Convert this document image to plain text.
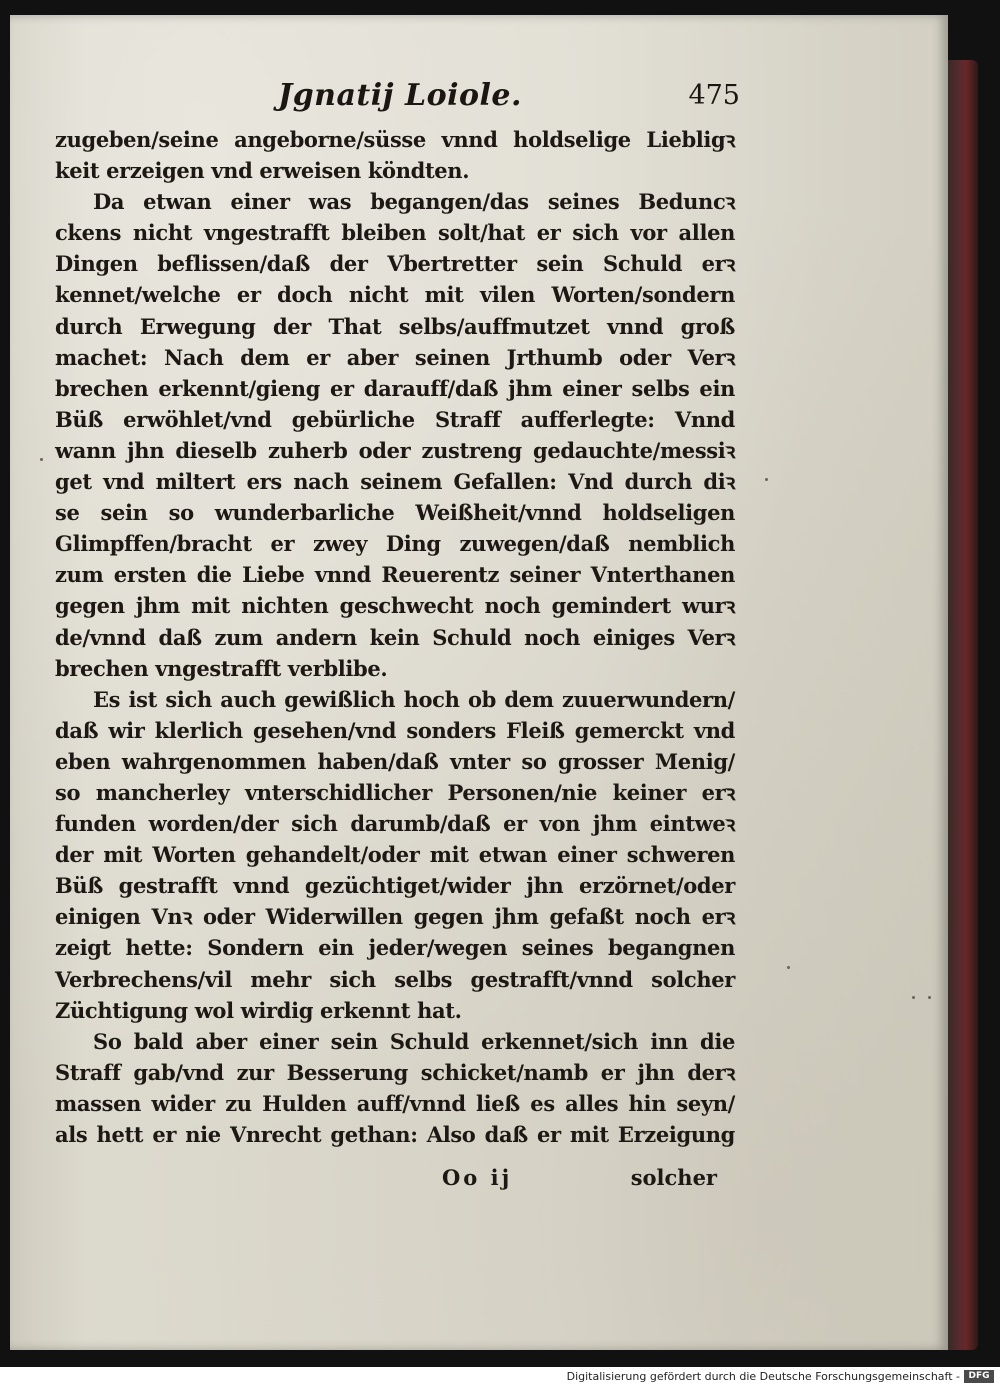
Jgnatij Loiole.	475
zugeben/seine angeborne/süsse vnnd holdselige Liebligꝛ
keit erzeigen vnd erweisen köndten.
Da etwan einer was begangen/das seines Beduncꝛ
ckens nicht vngestrafft bleiben solt/hat er sich vor allen
Dingen beflissen/daß der Vbertretter sein Schuld erꝛ
kennet/welche er doch nicht mit vilen Worten/sondern
durch Erwegung der That selbs/auffmutzet vnnd groß
machet: Nach dem er aber seinen Jrthumb oder Verꝛ
brechen erkennt/gieng er darauff/daß jhm einer selbs ein
Büß erwöhlet/vnd gebürliche Straff aufferlegte: Vnnd
wann jhn dieselb zuherb oder zustreng gedauchte/messiꝛ
get vnd miltert ers nach seinem Gefallen: Vnd durch diꝛ
se sein so wunderbarliche Weißheit/vnnd holdseligen
Glimpffen/bracht er zwey Ding zuwegen/daß nemblich
zum ersten die Liebe vnnd Reuerentz seiner Vnterthanen
gegen jhm mit nichten geschwecht noch gemindert wurꝛ
de/vnnd daß zum andern kein Schuld noch einiges Verꝛ
brechen vngestrafft verblibe.
Es ist sich auch gewißlich hoch ob dem zuuerwundern/
daß wir klerlich gesehen/vnd sonders Fleiß gemerckt vnd
eben wahrgenommen haben/daß vnter so grosser Menig/
so mancherley vnterschidlicher Personen/nie keiner erꝛ
funden worden/der sich darumb/daß er von jhm eintweꝛ
der mit Worten gehandelt/oder mit etwan einer schweren
Büß gestrafft vnnd gezüchtiget/wider jhn erzörnet/oder
einigen Vnꝛ oder Widerwillen gegen jhm gefaßt noch erꝛ
zeigt hette: Sondern ein jeder/wegen seines begangnen
Verbrechens/vil mehr sich selbs gestrafft/vnnd solcher
Züchtigung wol wirdig erkennt hat.
So bald aber einer sein Schuld erkennet/sich inn die
Straff gab/vnd zur Besserung schicket/namb er jhn derꝛ
massen wider zu Hulden auff/vnnd ließ es alles hin seyn/
als hett er nie Vnrecht gethan: Also daß er mit Erzeigung
Oo ij	solcher
Digitalisierung gefördert durch die Deutsche Forschungsgemeinschaft - DFG
